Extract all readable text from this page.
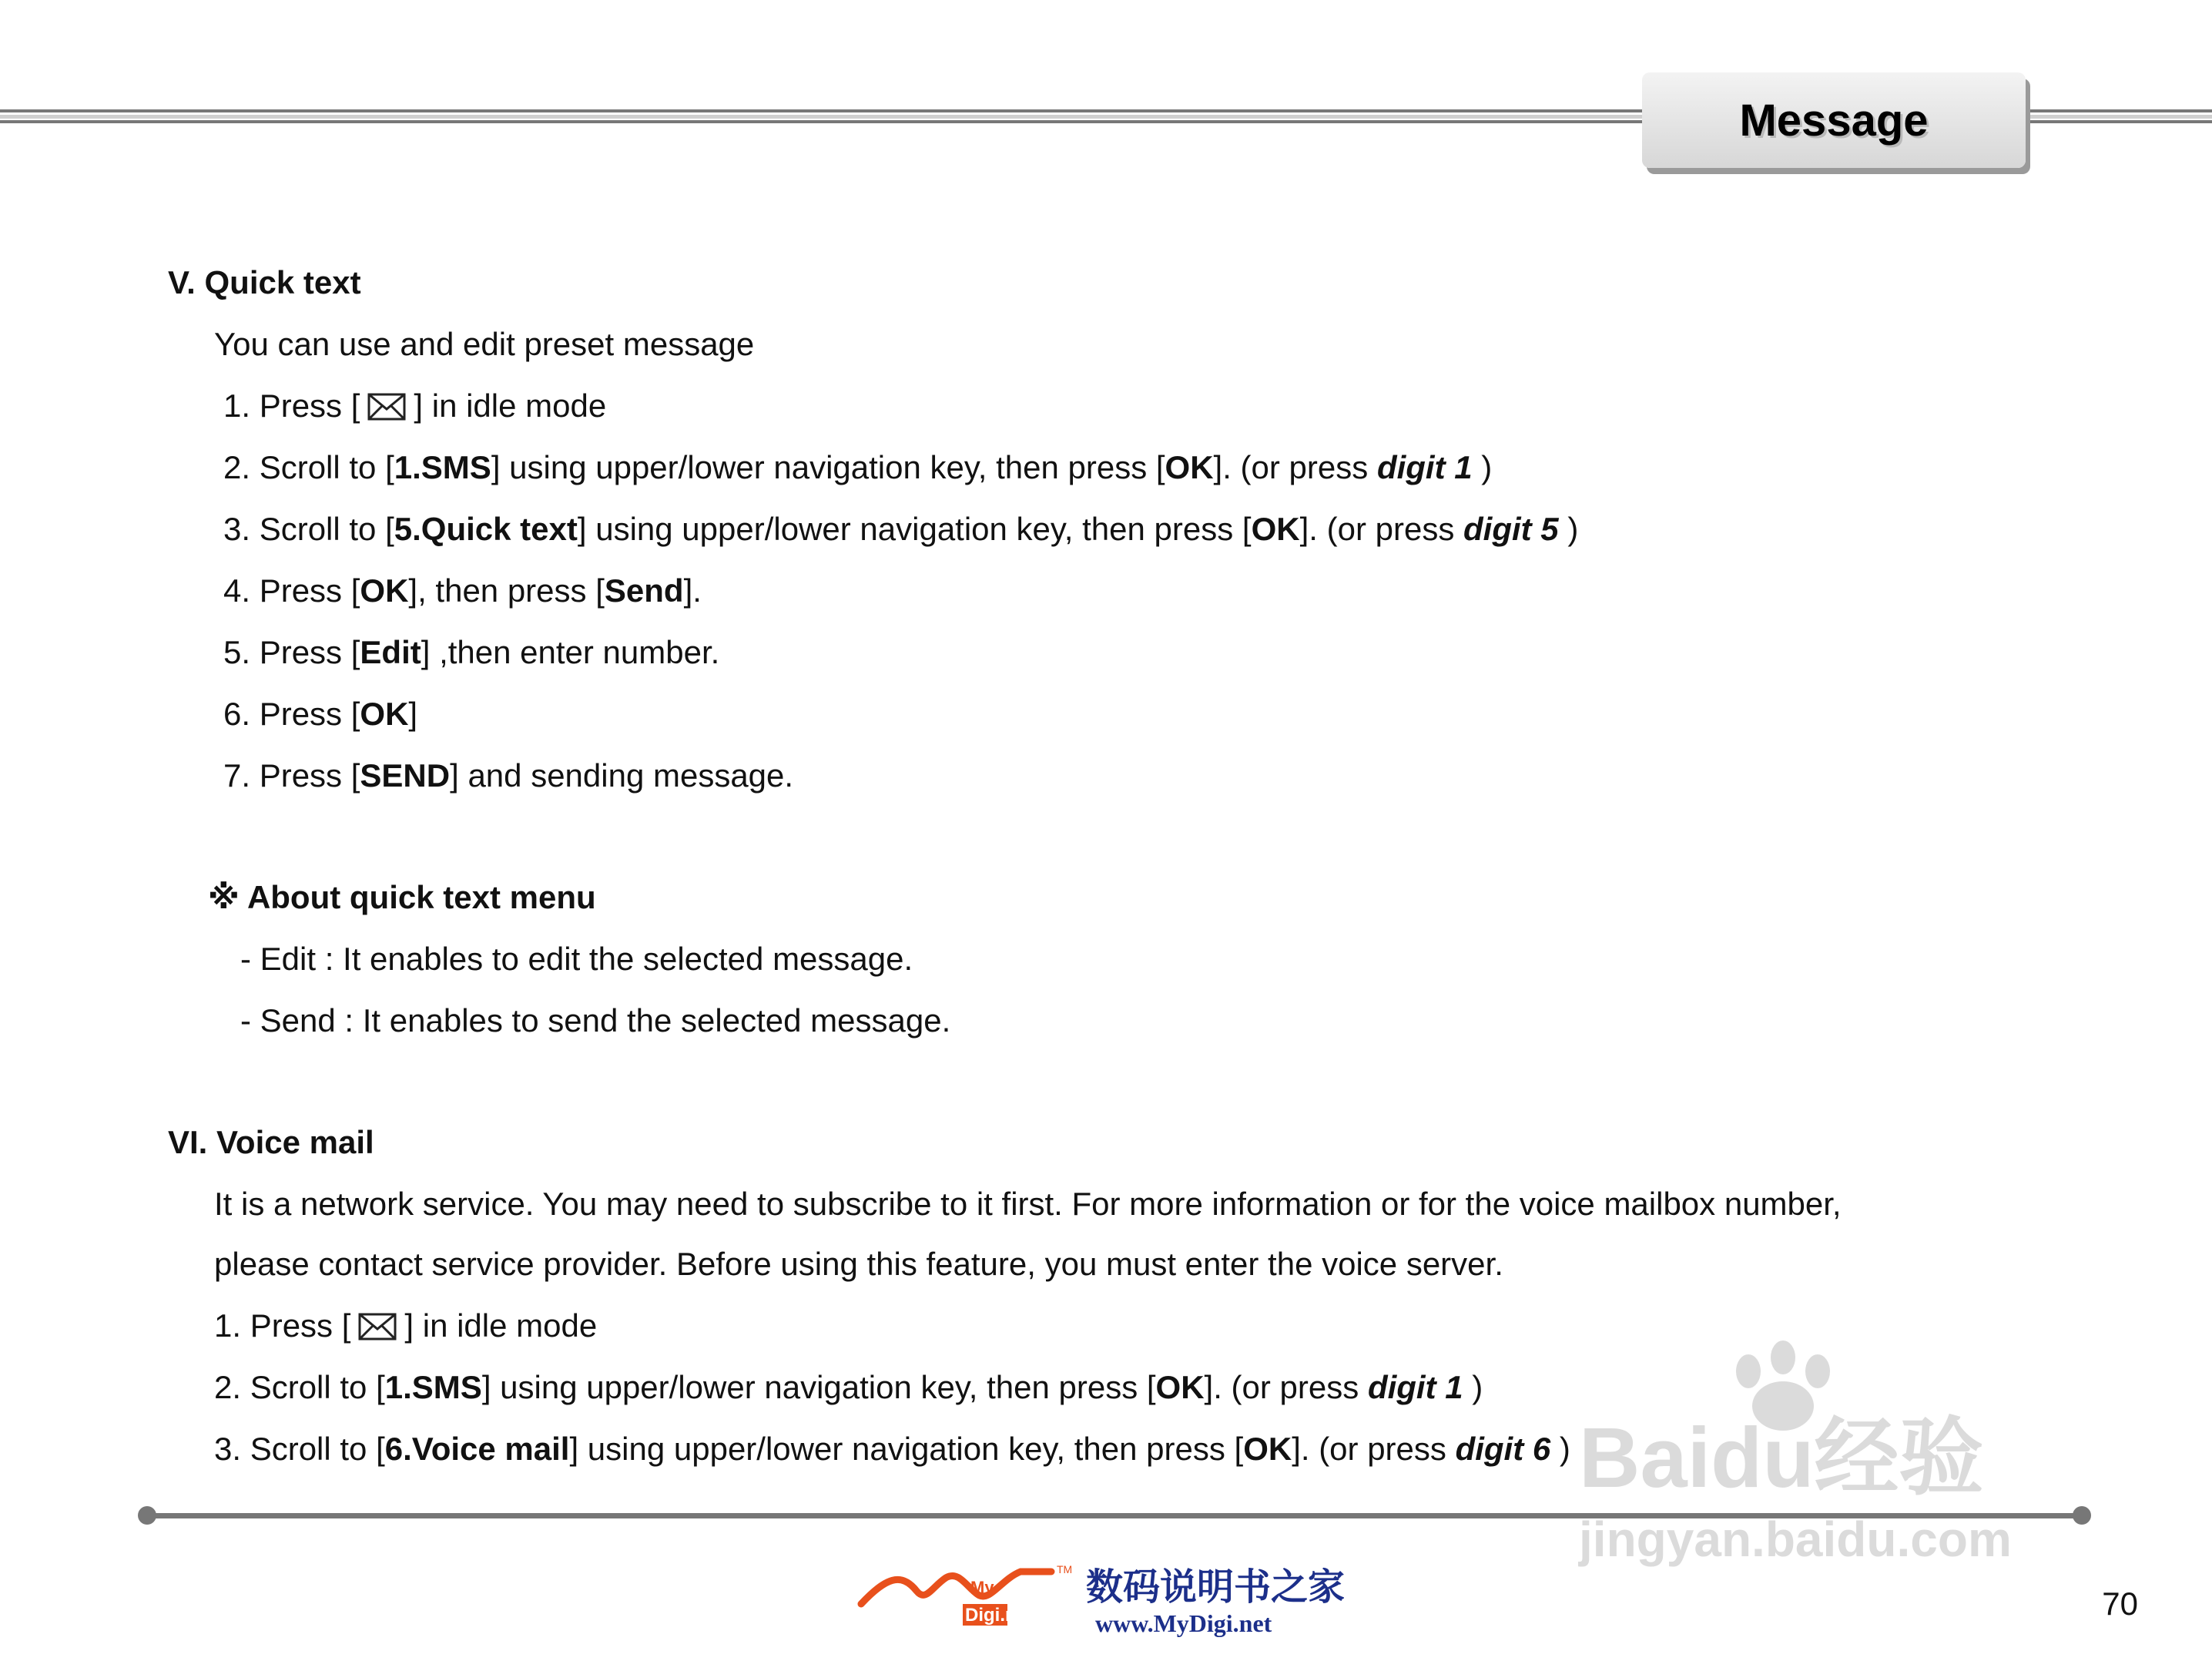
Message
V. Quick text
You can use and edit preset message
1. Press [ ] in idle mode
2. Scroll to [1.SMS] using upper/lower navigation key, then press [OK]. (or press digit 1 )
3. Scroll to [5.Quick text] using upper/lower navigation key, then press [OK]. (or press digit 5 )
4. Press [OK], then press [Send].
5. Press [Edit] ,then enter number.
6. Press [OK]
7. Press [SEND] and sending message.
※ About quick text menu
- Edit : It enables to edit the selected message.
- Send : It enables to send the selected message.
VI. Voice mail
It is a network service. You may need to subscribe to it first. For more information or for the voice mailbox number,
please contact service provider. Before using this feature, you must enter the voice server.
1. Press [ ] in idle mode
2. Scroll to [1.SMS] using upper/lower navigation key, then press [OK]. (or press digit 1 )
3. Scroll to [6.Voice mail] using upper/lower navigation key, then press [OK]. (or press digit 6 ) Baidu经验
jingyan.baidu.com
My
TM
Digi.net
数码说明书之家
www.MyDigi.net
70
